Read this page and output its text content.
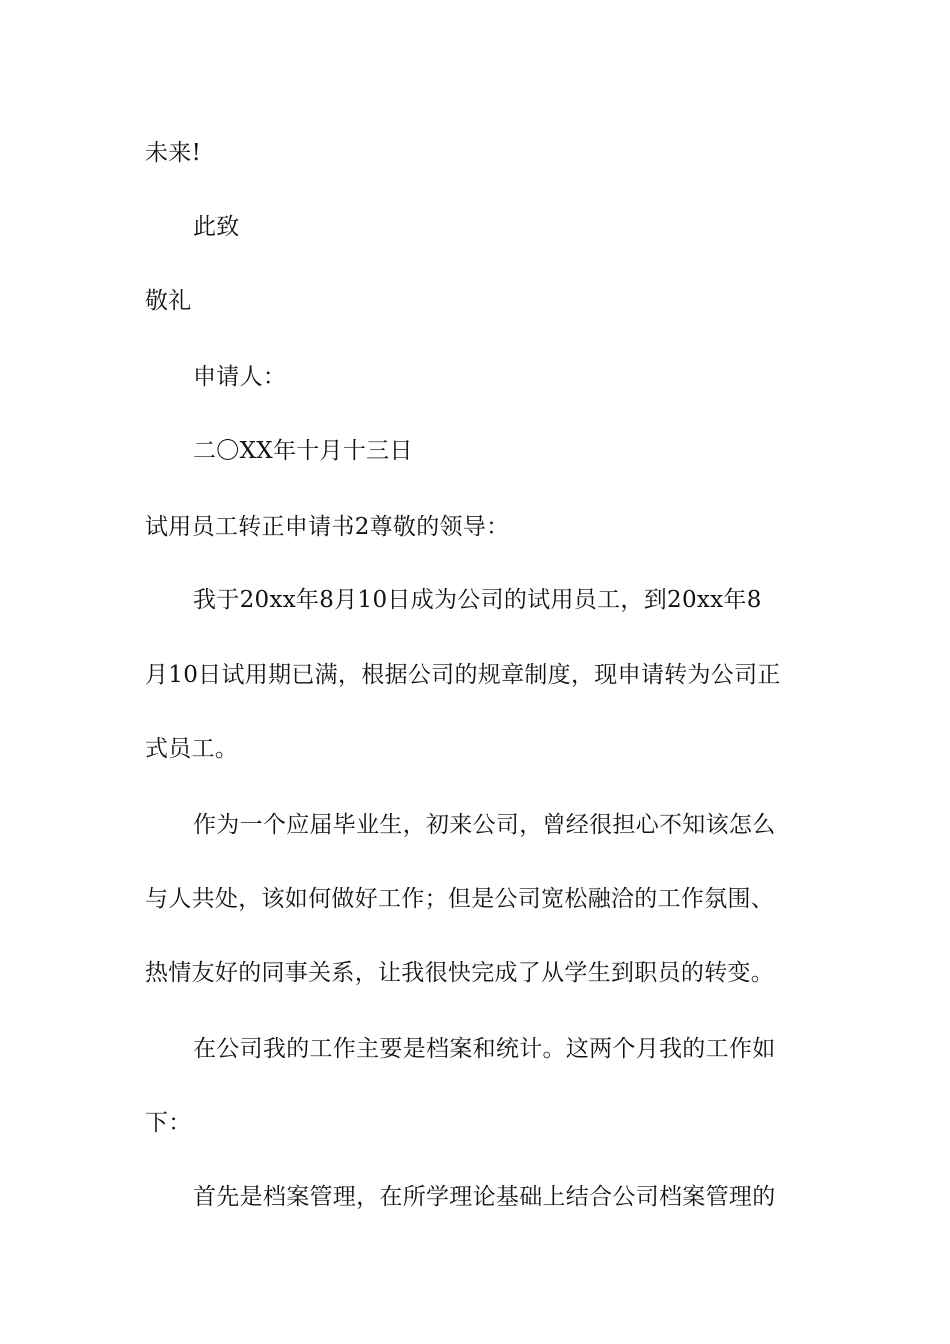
未来!
此致
敬礼
申请人：
二〇XX年十月十三日
试用员工转正申请书2尊敬的领导：
我于20xx年8月10日成为公司的试用员工，到20xx年8
月10日试用期已满，根据公司的规章制度，现申请转为公司正
式员工。
作为一个应届毕业生，初来公司，曾经很担心不知该怎么
与人共处，该如何做好工作；但是公司宽松融洽的工作氛围、
热情友好的同事关系，让我很快完成了从学生到职员的转变。
在公司我的工作主要是档案和统计。这两个月我的工作如
下：
首先是档案管理，在所学理论基础上结合公司档案管理的
